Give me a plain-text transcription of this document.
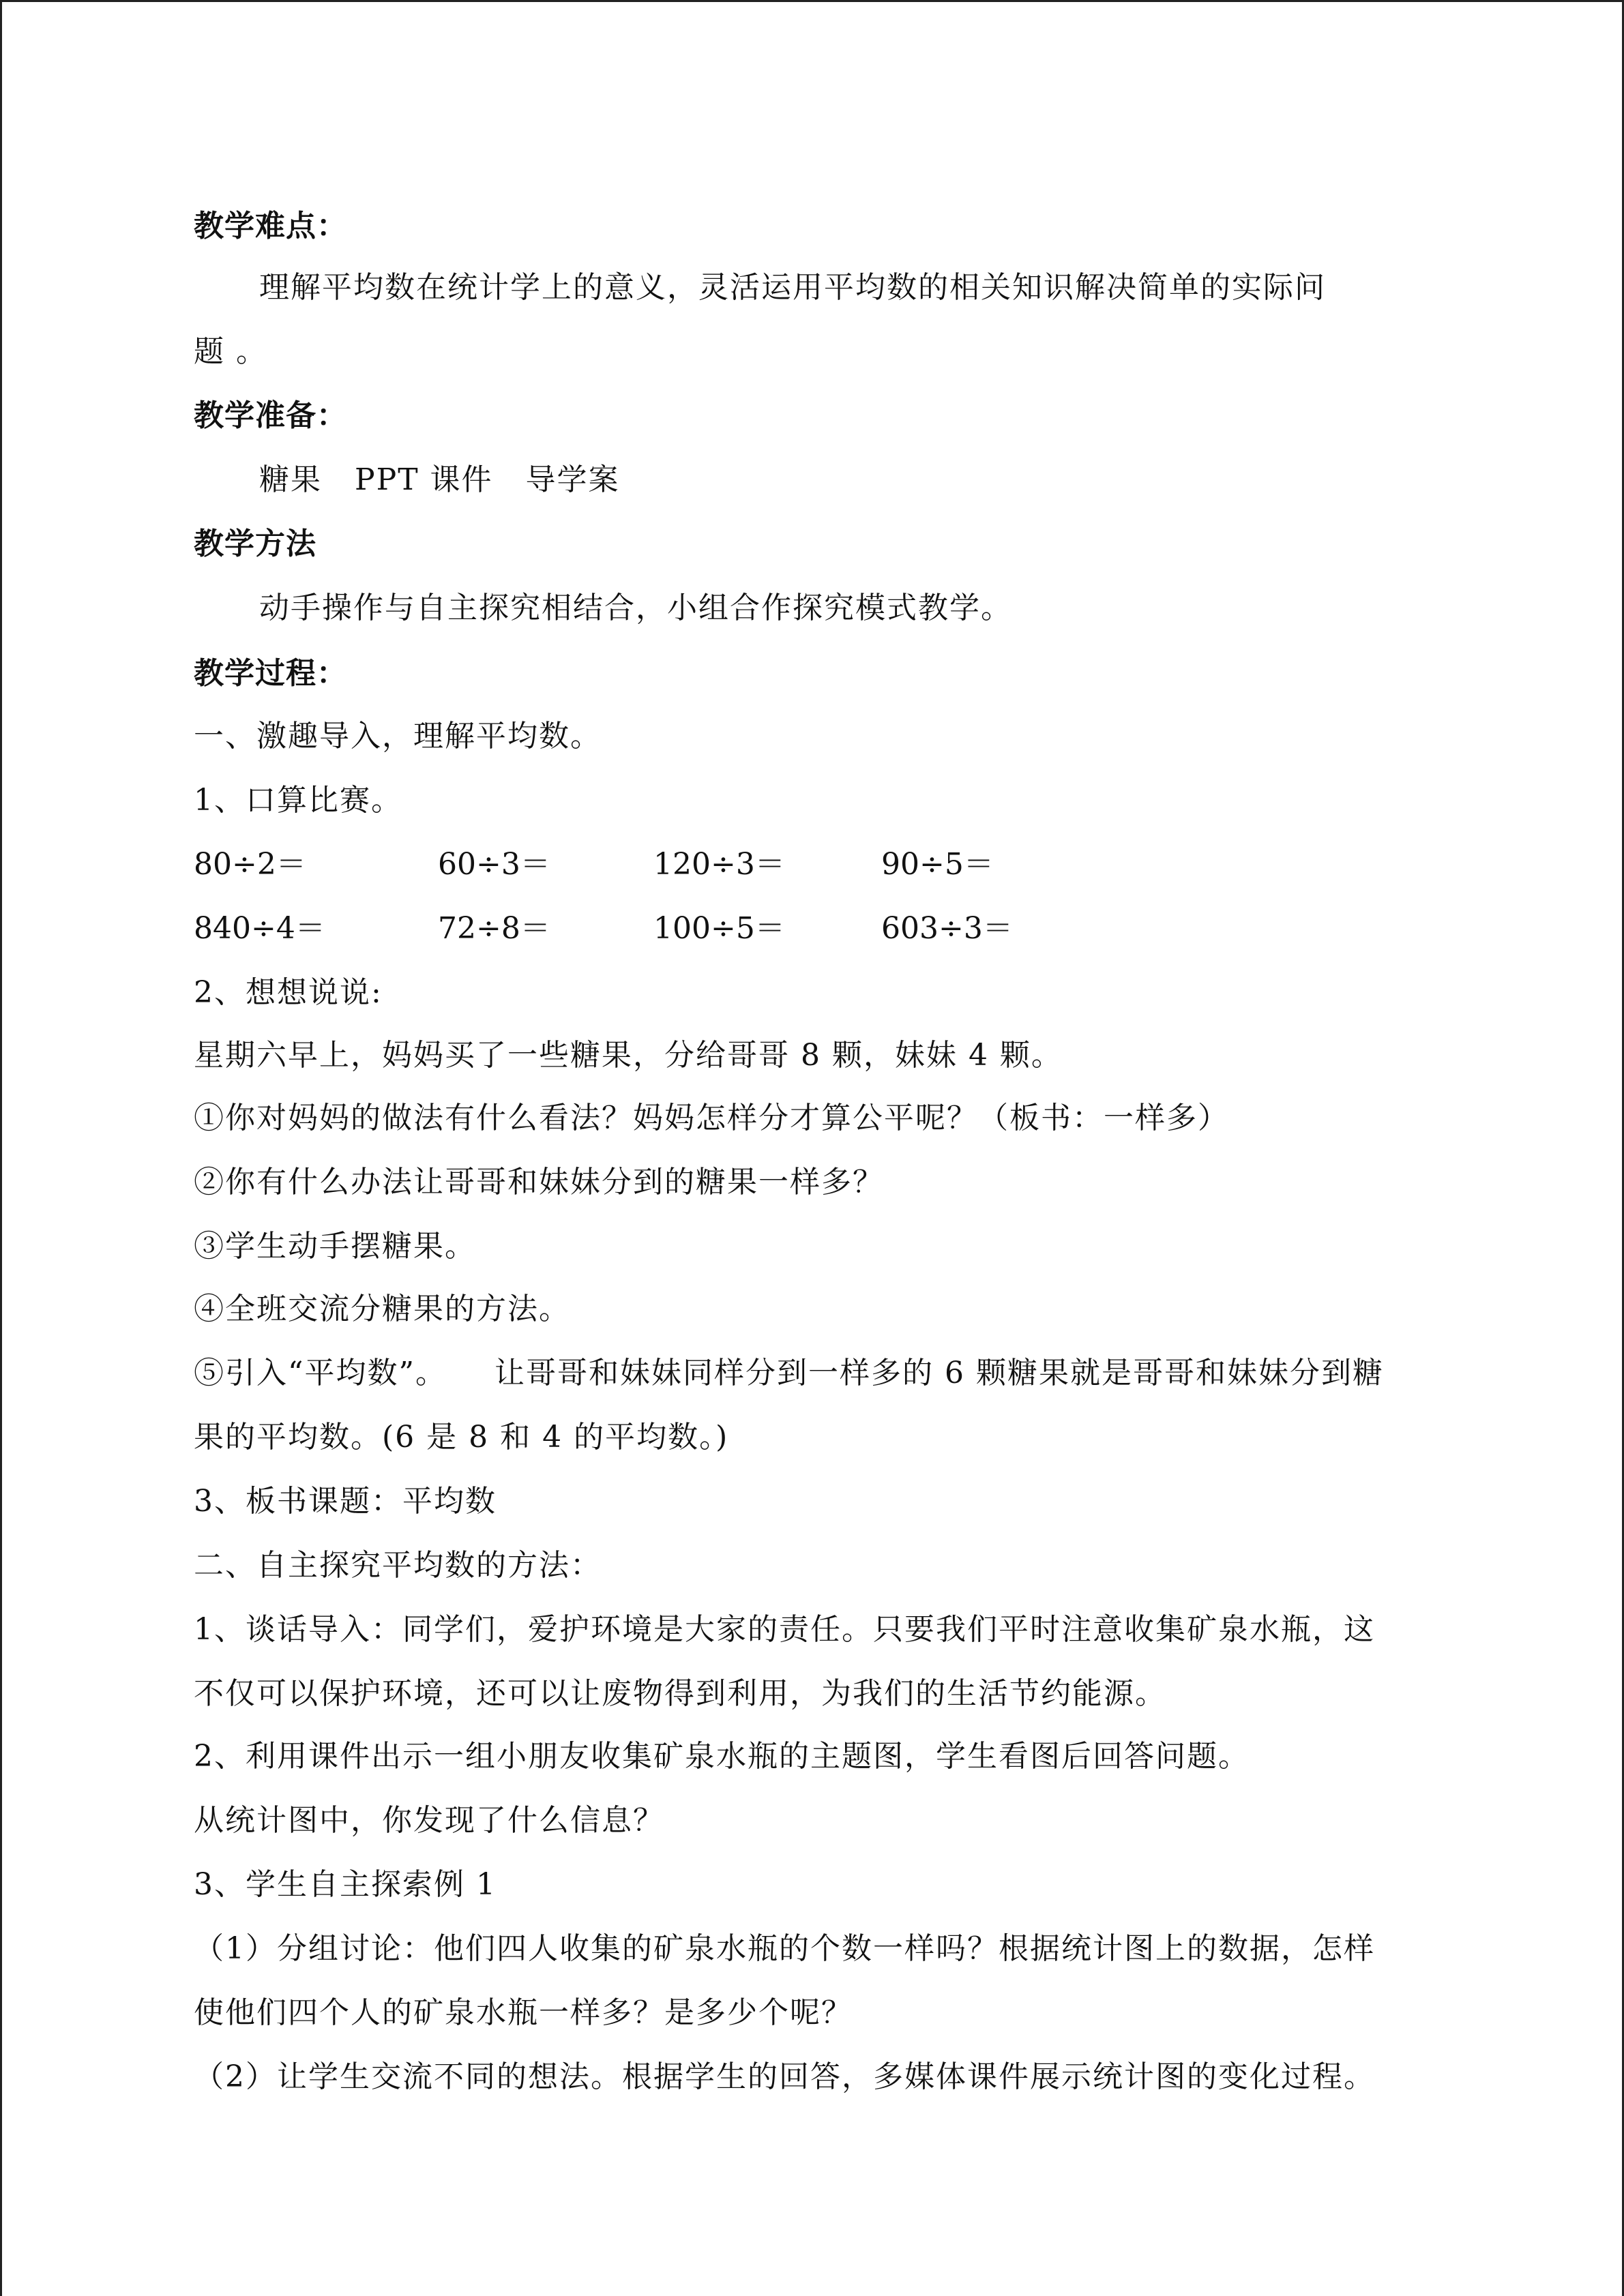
教学难点：
理解平均数在统计学上的意义，灵活运用平均数的相关知识解决简单的实际问
题 。
教学准备：
糖果 PPT 课件 导学案
教学方法
动手操作与自主探究相结合，小组合作探究模式教学。
教学过程：
一、激趣导入，理解平均数。
1、口算比赛。
80÷2＝	60÷3＝	120÷3＝	90÷5＝
840÷4＝	72÷8＝	100÷5＝	603÷3＝
2、想想说说:
星期六早上，妈妈买了一些糖果，分给哥哥 8 颗，妹妹 4 颗。
①你对妈妈的做法有什么看法？妈妈怎样分才算公平呢？（板书：一样多）
②你有什么办法让哥哥和妹妹分到的糖果一样多？
③学生动手摆糖果。
④全班交流分糖果的方法。
⑤引入“平均数”。　　让哥哥和妹妹同样分到一样多的 6 颗糖果就是哥哥和妹妹分到糖
果的平均数。(6 是 8 和 4 的平均数。)
3、板书课题：平均数
二、自主探究平均数的方法：
1、谈话导入：同学们，爱护环境是大家的责任。只要我们平时注意收集矿泉水瓶，这
不仅可以保护环境，还可以让废物得到利用，为我们的生活节约能源。
2、利用课件出示一组小朋友收集矿泉水瓶的主题图，学生看图后回答问题。
从统计图中，你发现了什么信息？
3、学生自主探索例 1
（1）分组讨论：他们四人收集的矿泉水瓶的个数一样吗？根据统计图上的数据，怎样
使他们四个人的矿泉水瓶一样多？是多少个呢？
（2）让学生交流不同的想法。根据学生的回答，多媒体课件展示统计图的变化过程。
